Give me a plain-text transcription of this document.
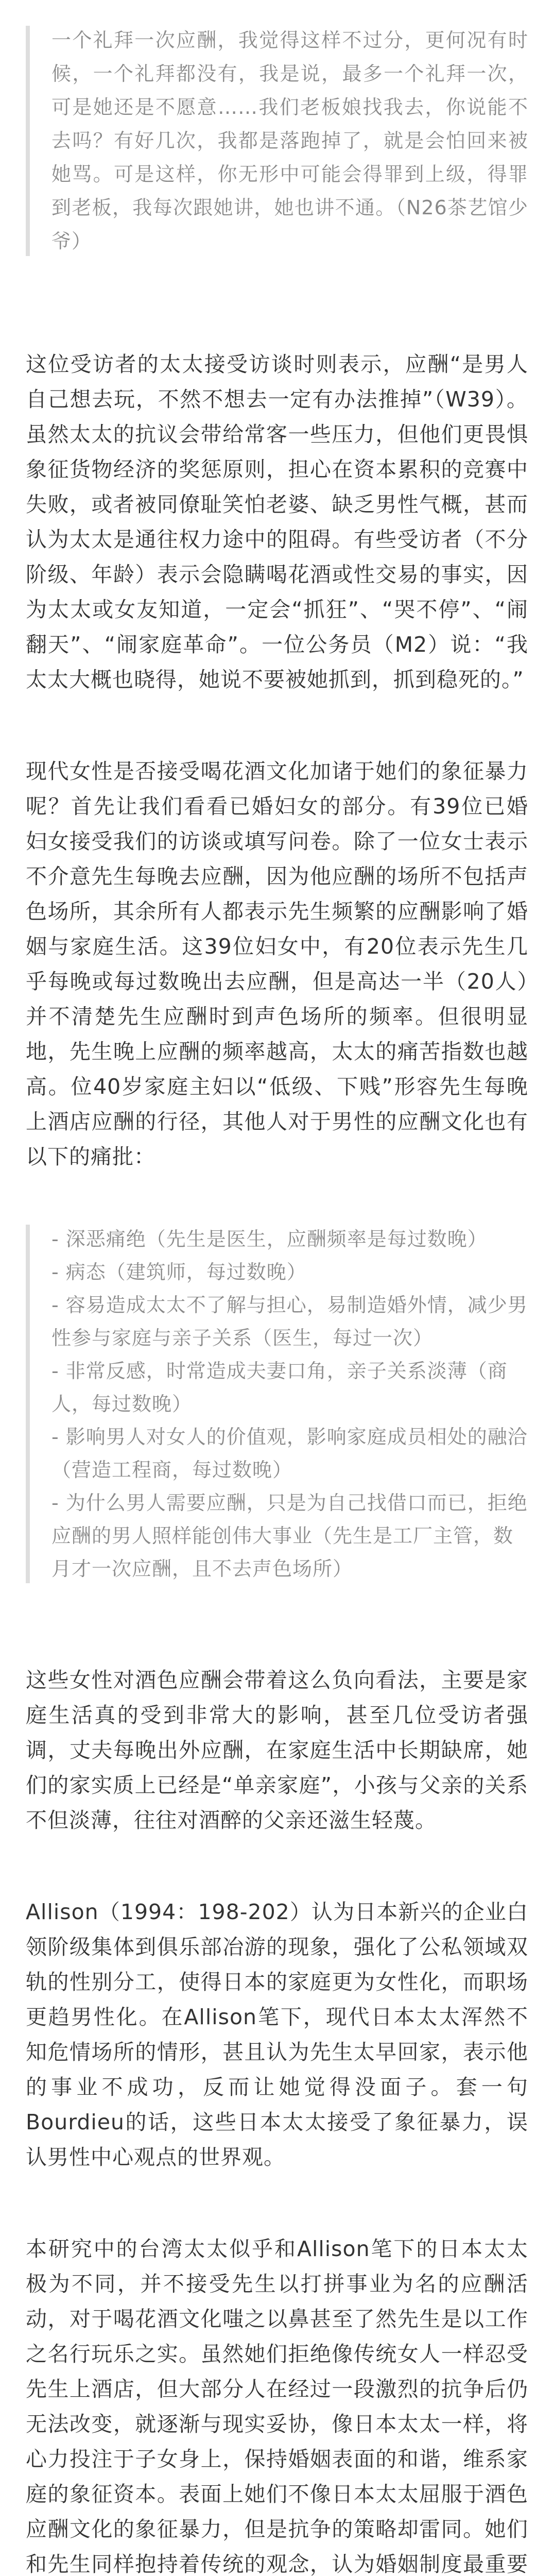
一个礼拜一次应酬，我觉得这样不过分，更何况有时候，一个礼拜都没有，我是说，最多一个礼拜一次，可是她还是不愿意……我们老板娘找我去，你说能不去吗？有好几次，我都是落跑掉了，就是会怕回来被她骂。可是这样，你无形中可能会得罪到上级，得罪到老板，我每次跟她讲，她也讲不通。（N26茶艺馆少爷）

这位受访者的太太接受访谈时则表示，应酬“是男人自己想去玩，不然不想去一定有办法推掉”（W39）。虽然太太的抗议会带给常客一些压力，但他们更畏惧象征货物经济的奖惩原则，担心在资本累积的竞赛中失败，或者被同僚耻笑怕老婆、缺乏男性气概，甚而认为太太是通往权力途中的阻碍。有些受访者（不分阶级、年龄）表示会隐瞒喝花酒或性交易的事实，因为太太或女友知道，一定会“抓狂”、“哭不停”、“闹翻天”、“闹家庭革命”。一位公务员（M2）说：“我太太大概也晓得，她说不要被她抓到，抓到稳死的。”

现代女性是否接受喝花酒文化加诸于她们的象征暴力呢？首先让我们看看已婚妇女的部分。有39位已婚妇女接受我们的访谈或填写问卷。除了一位女士表示不介意先生每晚去应酬，因为他应酬的场所不包括声色场所，其余所有人都表示先生频繁的应酬影响了婚姻与家庭生活。这39位妇女中，有20位表示先生几乎每晚或每过数晚出去应酬，但是高达一半（20人）并不清楚先生应酬时到声色场所的频率。但很明显地，先生晚上应酬的频率越高，太太的痛苦指数也越高。位40岁家庭主妇以“低级、下贱”形容先生每晚上酒店应酬的行径，其他人对于男性的应酬文化也有以下的痛批：

- 深恶痛绝（先生是医生，应酬频率是每过数晚）
- 病态（建筑师，每过数晚）
- 容易造成太太不了解与担心，易制造婚外情，减少男性参与家庭与亲子关系（医生，每过一次）
- 非常反感，时常造成夫妻口角，亲子关系淡薄（商人，每过数晚）
- 影响男人对女人的价值观，影响家庭成员相处的融洽（营造工程商，每过数晚）
- 为什么男人需要应酬，只是为自己找借口而已，拒绝应酬的男人照样能创伟大事业（先生是工厂主管，数月才一次应酬，且不去声色场所）

这些女性对酒色应酬会带着这么负向看法，主要是家庭生活真的受到非常大的影响，甚至几位受访者强调，丈夫每晚出外应酬，在家庭生活中长期缺席，她们的家实质上已经是“单亲家庭”，小孩与父亲的关系不但淡薄，往往对酒醉的父亲还滋生轻蔑。

Allison（1994：198-202）认为日本新兴的企业白领阶级集体到俱乐部冶游的现象，强化了公私领域双轨的性别分工，使得日本的家庭更为女性化，而职场更趋男性化。在Allison笔下，现代日本太太浑然不知危情场所的情形，甚且认为先生太早回家，表示他的事业不成功，反而让她觉得没面子。套一句Bourdieu的话，这些日本太太接受了象征暴力，误认男性中心观点的世界观。

本研究中的台湾太太似乎和Allison笔下的日本太太极为不同，并不接受先生以打拼事业为名的应酬活动，对于喝花酒文化嗤之以鼻甚至了然先生是以工作之名行玩乐之实。虽然她们拒绝像传统女人一样忍受先生上酒店，但大部分人在经过一段激烈的抗争后仍无法改变，就逐渐与现实妥协，像日本太太一样，将心力投注于子女身上，保持婚姻表面的和谐，维系家庭的象征资本。表面上她们不像日本太太屈服于酒色应酬文化的象征暴力，但是抗争的策略却雷同。她们和先生同样抱持着传统的观念，认为婚姻制度最重要
